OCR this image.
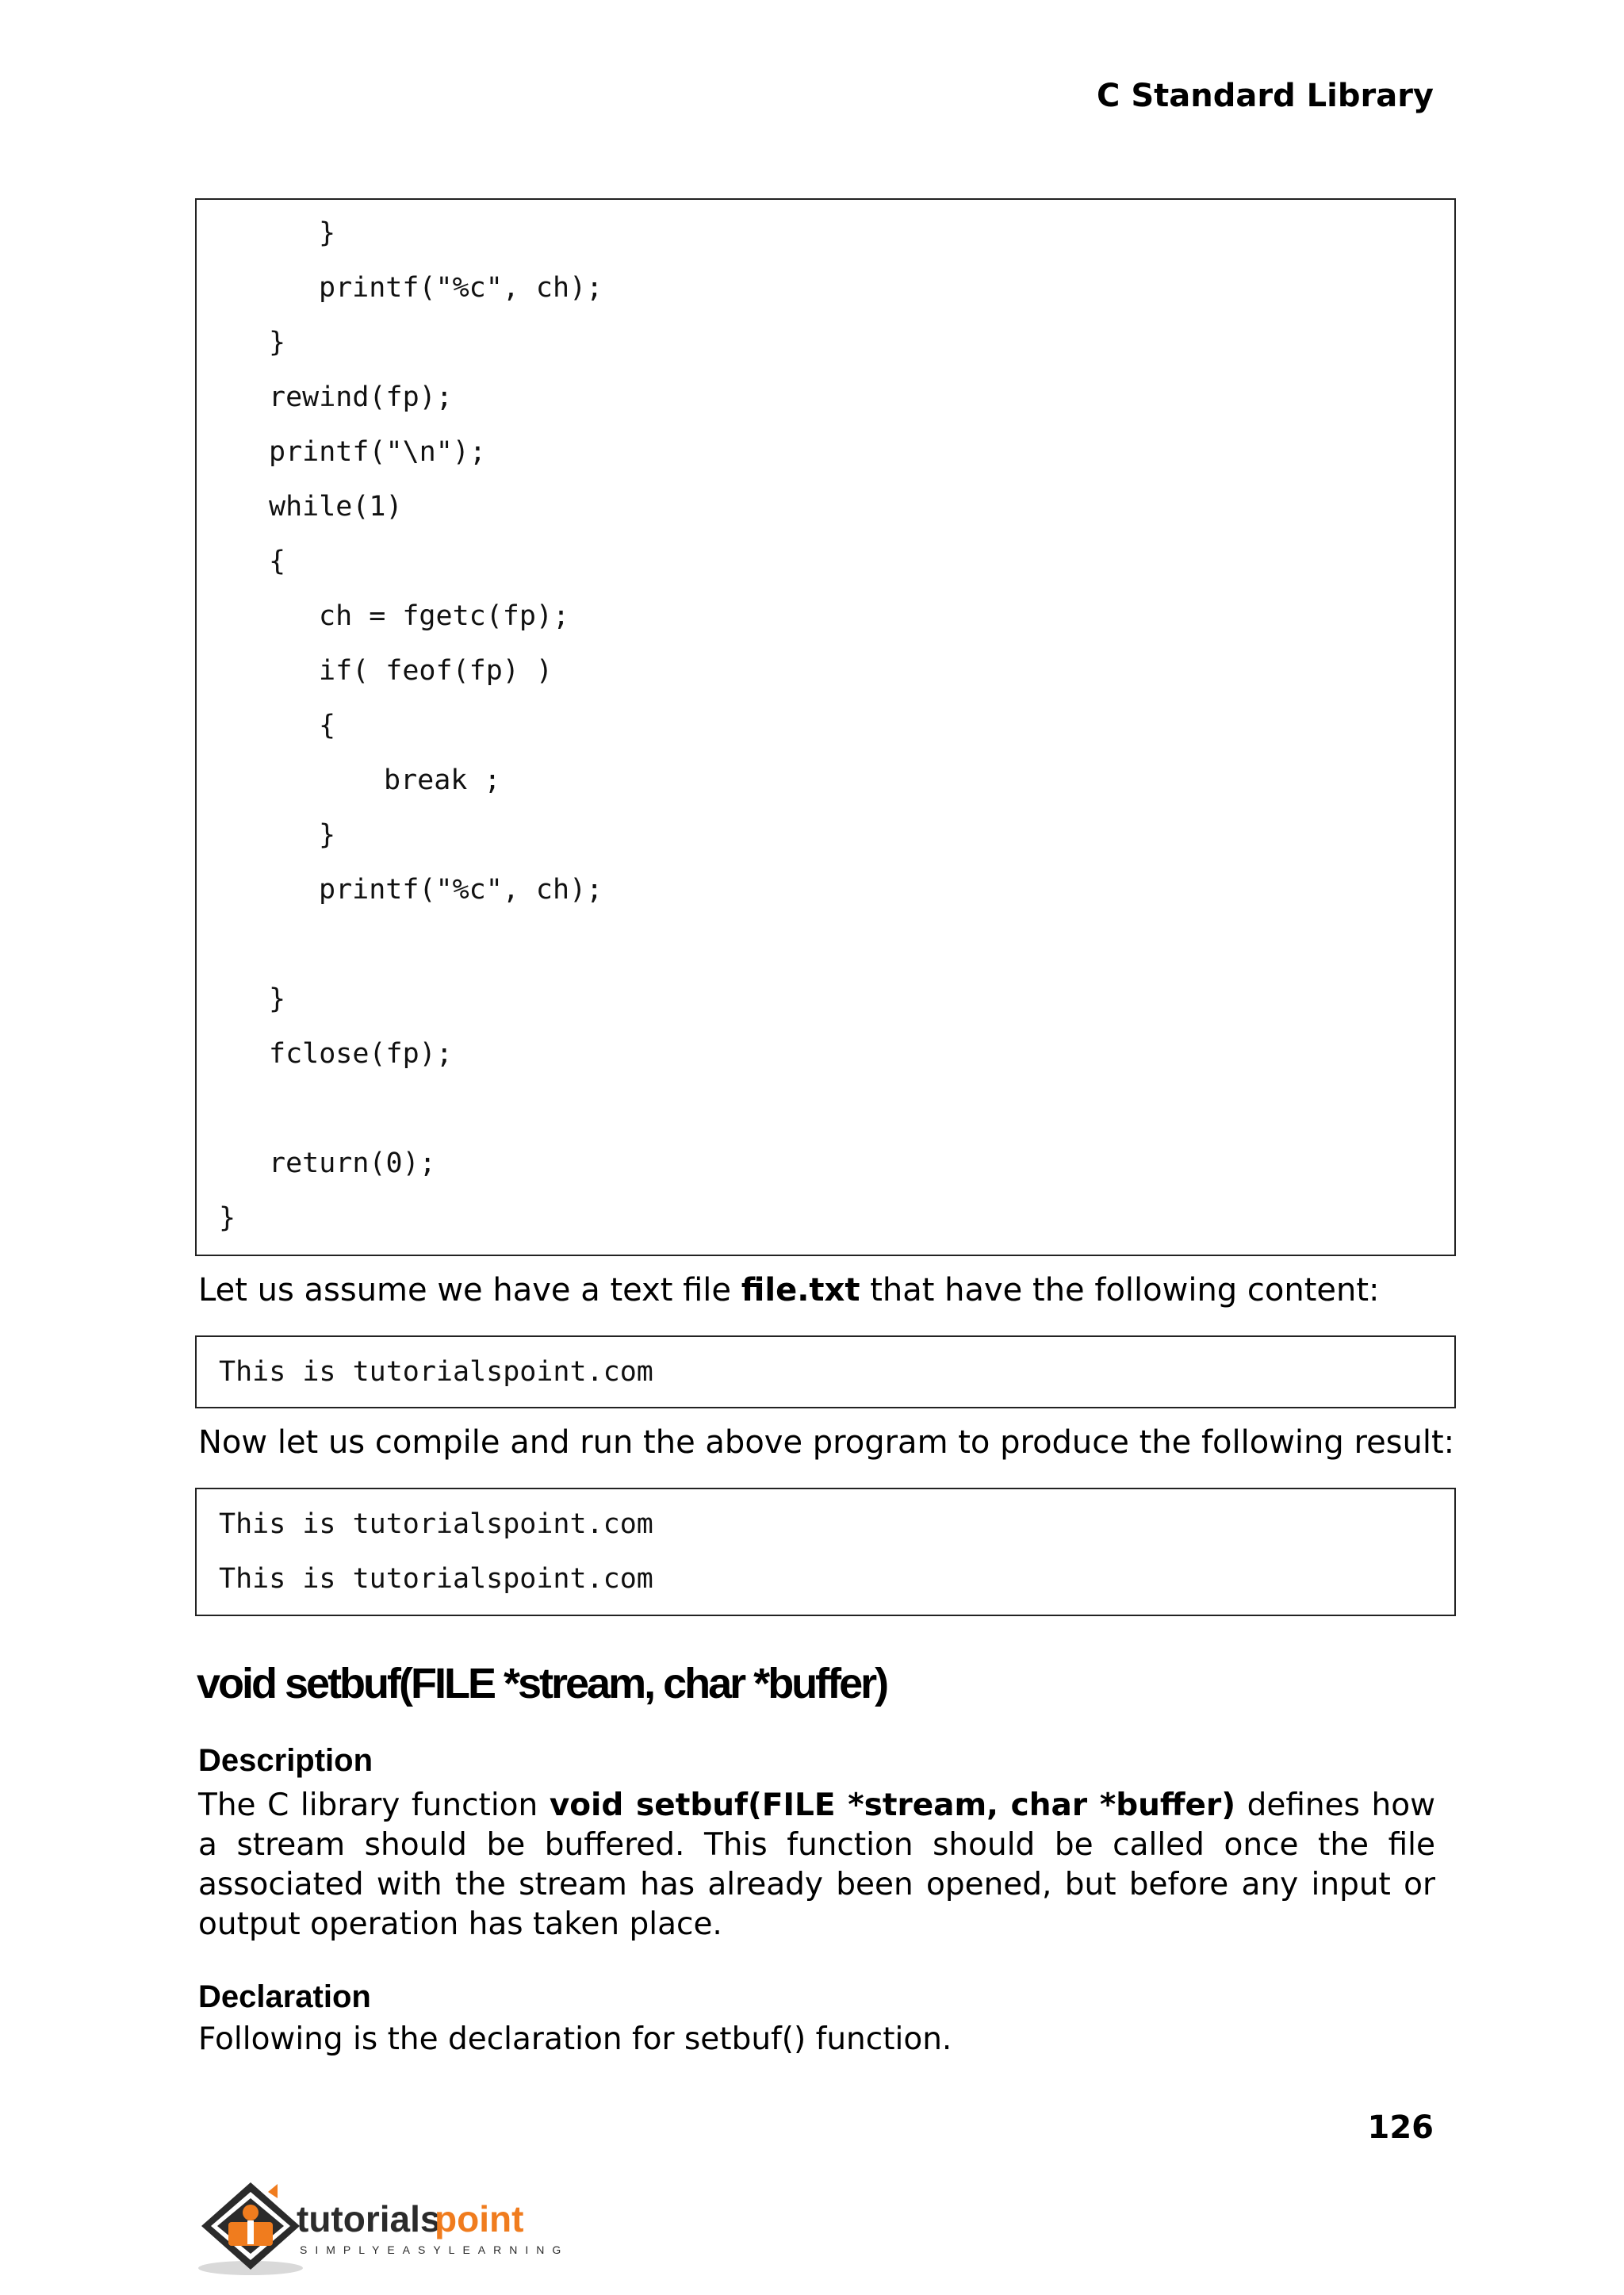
C Standard Library
}
printf("%c", ch);
}
rewind(fp);
printf("\n");
while(1)
{
ch = fgetc(fp);
if( feof(fp) )
{
break ;
}
printf("%c", ch);
}
fclose(fp);
return(0);
}
Let us assume we have a text file file.txt that have the following content:
This is tutorialspoint.com
Now let us compile and run the above program to produce the following result:
This is tutorialspoint.com
This is tutorialspoint.com
void setbuf(FILE *stream, char *buffer)
Description
The C library function void setbuf(FILE *stream, char *buffer) defines how a stream should be buffered. This function should be called once the file associated with the stream has already been opened, but before any input or output operation has taken place.
Declaration
Following is the declaration for setbuf() function.
126
tutorials
point
SIMPLYEASYLEARNING
